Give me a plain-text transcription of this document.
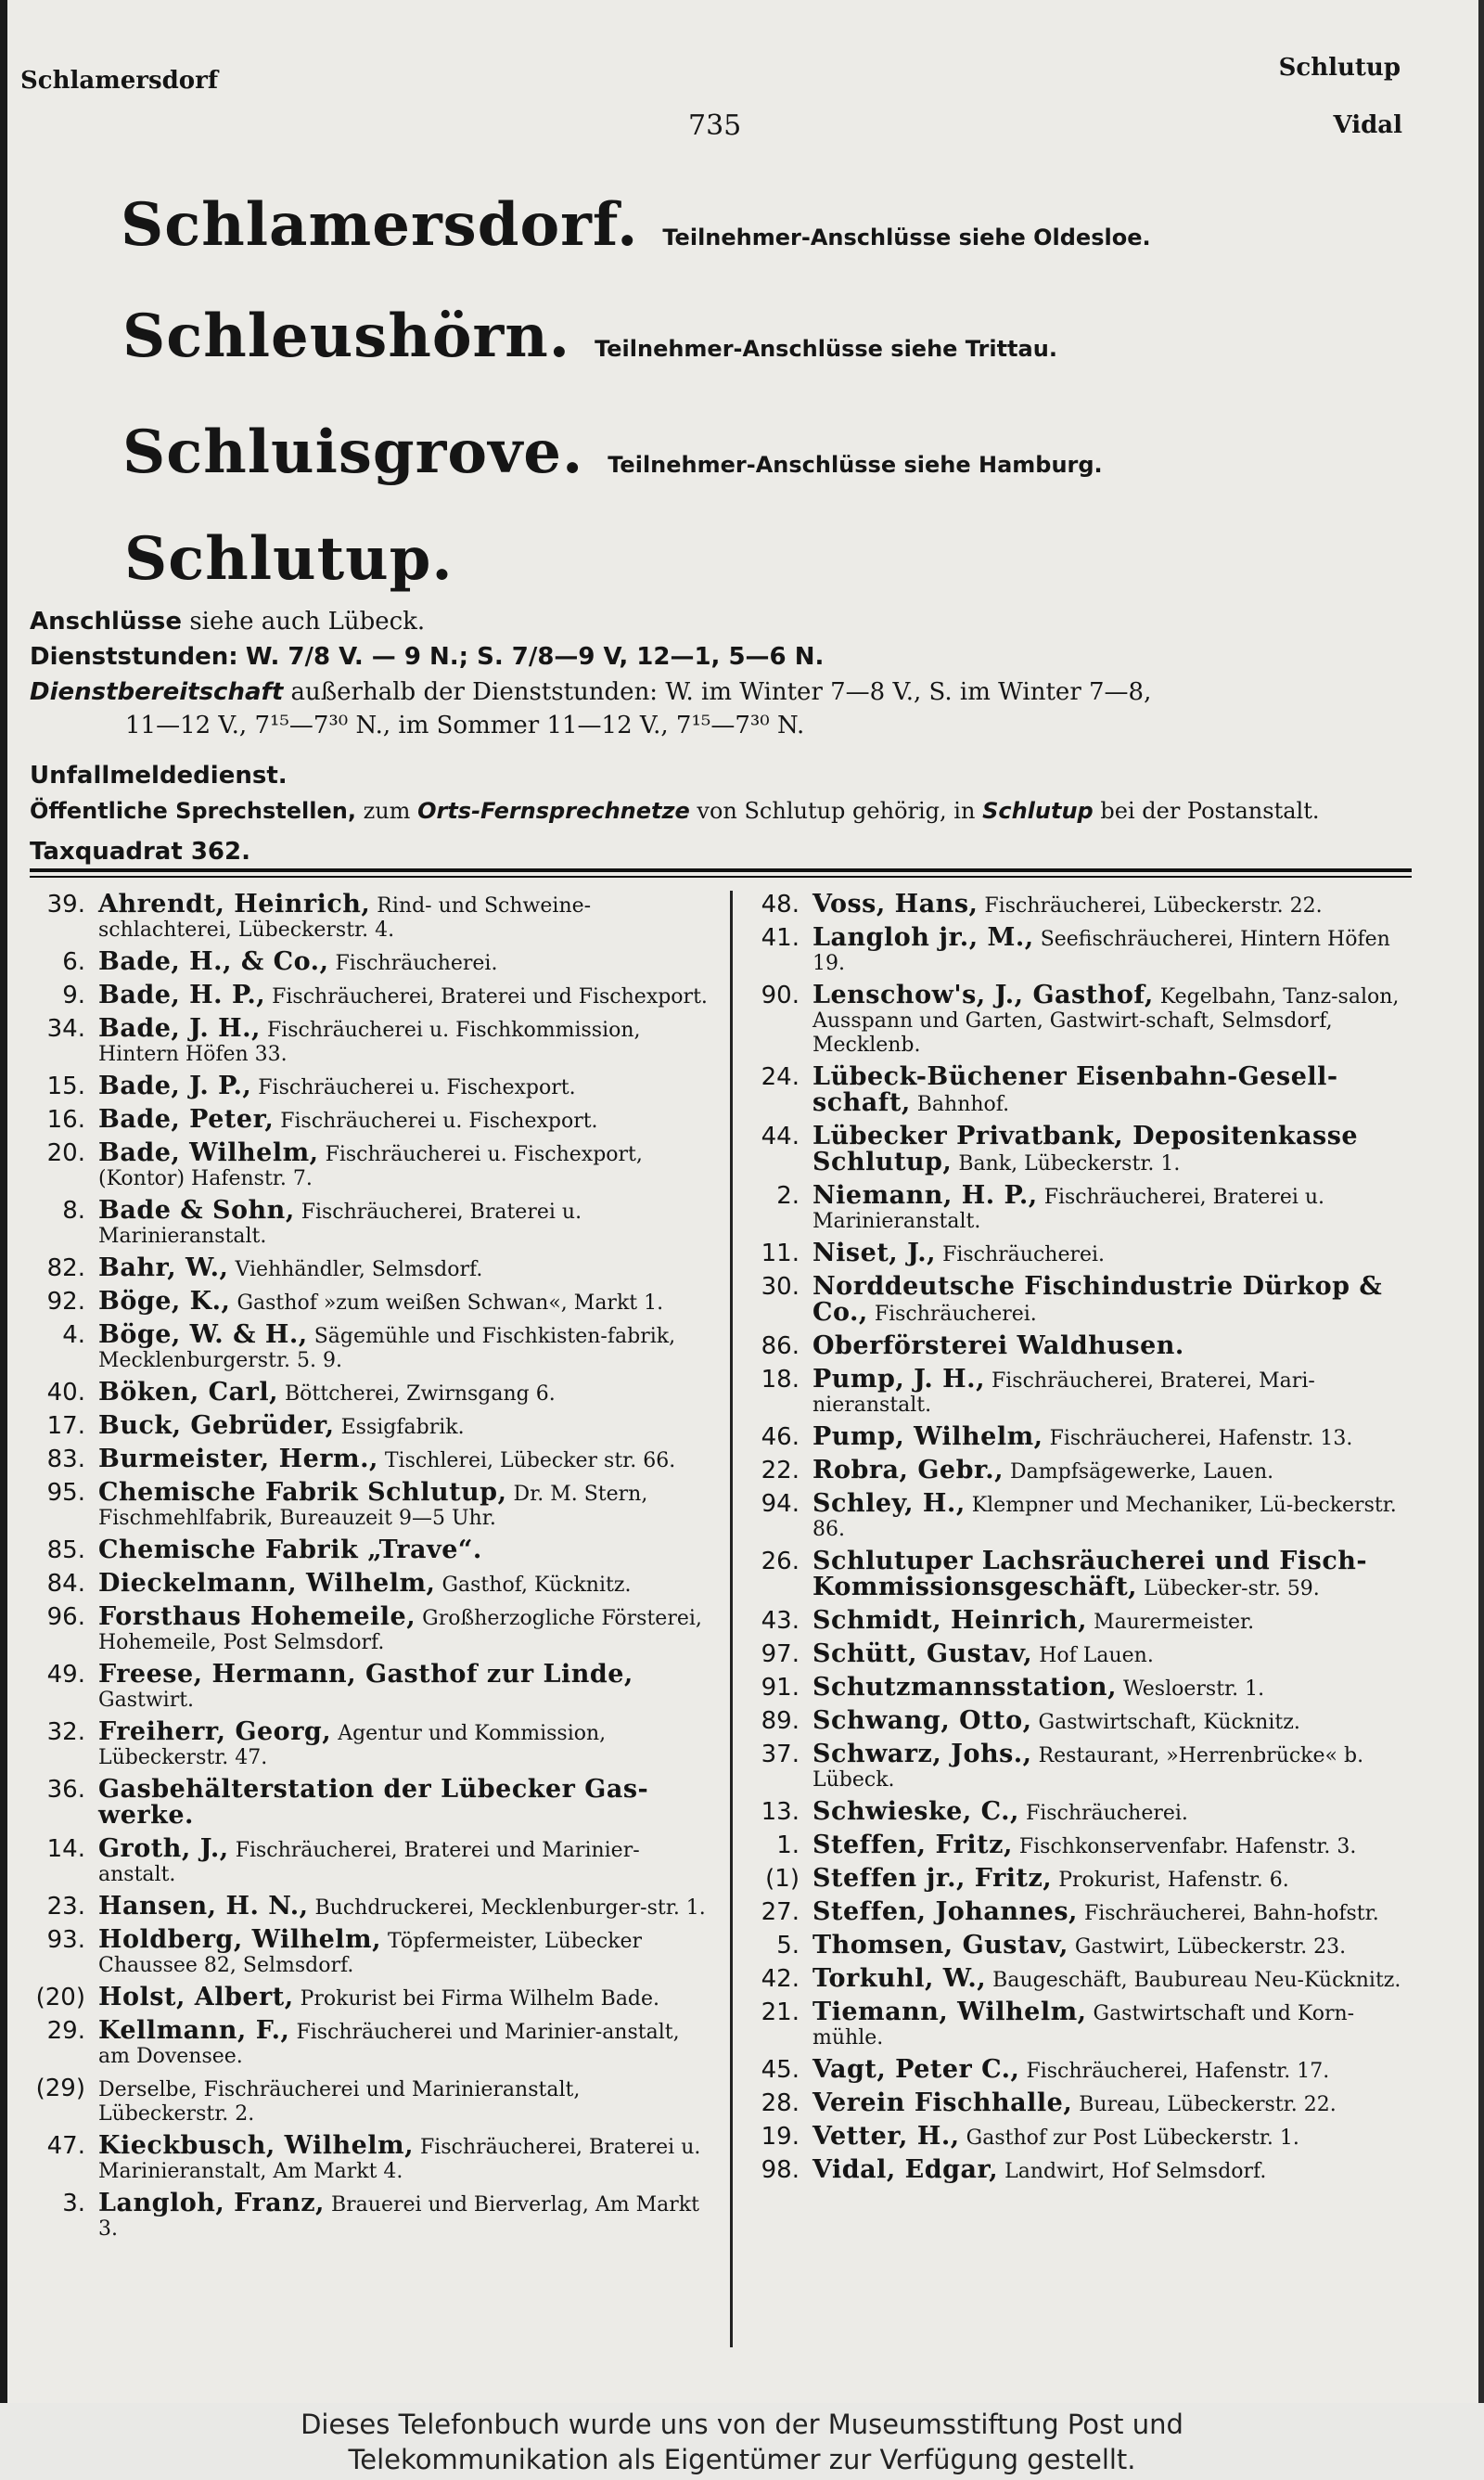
Schlamersdorf	Schlutup
Vidal
735
Schlamersdorf. Teilnehmer-Anschlüsse siehe Oldesloe.
Schleushörn. Teilnehmer-Anschlüsse siehe Trittau.
Schluisgrove. Teilnehmer-Anschlüsse siehe Hamburg.
Schlutup.
Anschlüsse siehe auch Lübeck.
Dienststunden: W. 7/8 V. — 9 N.; S. 7/8—9 V, 12—1, 5—6 N.
Dienstbereitschaft außerhalb der Dienststunden: W. im Winter 7—8 V., S. im Winter 7—8,
11—12 V., 7¹⁵—7³⁰ N., im Sommer 11—12 V., 7¹⁵—7³⁰ N.
Unfallmeldedienst.
Öffentliche Sprechstellen, zum Orts-Fernsprechnetze von Schlutup gehörig, in Schlutup bei der Postanstalt.
Taxquadrat 362.
39. Ahrendt, Heinrich, Rind- und Schweine-schlachterei, Lübeckerstr. 4.
6. Bade, H., & Co., Fischräucherei.
9. Bade, H. P., Fischräucherei, Braterei und Fischexport.
34. Bade, J. H., Fischräucherei u. Fischkommission, Hintern Höfen 33.
15. Bade, J. P., Fischräucherei u. Fischexport.
16. Bade, Peter, Fischräucherei u. Fischexport.
20. Bade, Wilhelm, Fischräucherei u. Fischexport, (Kontor) Hafenstr. 7.
8. Bade & Sohn, Fischräucherei, Braterei u. Marinieranstalt.
82. Bahr, W., Viehhändler, Selmsdorf.
92. Böge, K., Gasthof »zum weißen Schwan«, Markt 1.
4. Böge, W. & H., Sägemühle und Fischkisten-fabrik, Mecklenburgerstr. 5. 9.
40. Böken, Carl, Böttcherei, Zwirnsgang 6.
17. Buck, Gebrüder, Essigfabrik.
83. Burmeister, Herm., Tischlerei, Lübecker str. 66.
95. Chemische Fabrik Schlutup, Dr. M. Stern, Fischmehlfabrik, Bureauzeit 9—5 Uhr.
85. Chemische Fabrik „Trave“.
84. Dieckelmann, Wilhelm, Gasthof, Kücknitz.
96. Forsthaus Hohemeile, Großherzogliche Försterei, Hohemeile, Post Selmsdorf.
49. Freese, Hermann, Gasthof zur Linde, Gastwirt.
32. Freiherr, Georg, Agentur und Kommission, Lübeckerstr. 47.
36. Gasbehälterstation der Lübecker Gas-werke.
14. Groth, J., Fischräucherei, Braterei und Marinier-anstalt.
23. Hansen, H. N., Buchdruckerei, Mecklenburger-str. 1.
93. Holdberg, Wilhelm, Töpfermeister, Lübecker Chaussee 82, Selmsdorf.
(20) Holst, Albert, Prokurist bei Firma Wilhelm Bade.
29. Kellmann, F., Fischräucherei und Marinier-anstalt, am Dovensee.
(29) Derselbe, Fischräucherei und Marinieranstalt, Lübeckerstr. 2.
47. Kieckbusch, Wilhelm, Fischräucherei, Braterei u. Marinieranstalt, Am Markt 4.
3. Langloh, Franz, Brauerei und Bierverlag, Am Markt 3.
48. Voss, Hans, Fischräucherei, Lübeckerstr. 22.
41. Langloh jr., M., Seefischräucherei, Hintern Höfen 19.
90. Lenschow's, J., Gasthof, Kegelbahn, Tanz-salon, Ausspann und Garten, Gastwirt-schaft, Selmsdorf, Mecklenb.
24. Lübeck-Büchener Eisenbahn-Gesell-schaft, Bahnhof.
44. Lübecker Privatbank, Depositenkasse Schlutup, Bank, Lübeckerstr. 1.
2. Niemann, H. P., Fischräucherei, Braterei u. Marinieranstalt.
11. Niset, J., Fischräucherei.
30. Norddeutsche Fischindustrie Dürkop & Co., Fischräucherei.
86. Oberförsterei Waldhusen.
18. Pump, J. H., Fischräucherei, Braterei, Mari-nieranstalt.
46. Pump, Wilhelm, Fischräucherei, Hafenstr. 13.
22. Robra, Gebr., Dampfsägewerke, Lauen.
94. Schley, H., Klempner und Mechaniker, Lü-beckerstr. 86.
26. Schlutuper Lachsräucherei und Fisch-Kommissionsgeschäft, Lübecker-str. 59.
43. Schmidt, Heinrich, Maurermeister.
97. Schütt, Gustav, Hof Lauen.
91. Schutzmannsstation, Wesloerstr. 1.
89. Schwang, Otto, Gastwirtschaft, Kücknitz.
37. Schwarz, Johs., Restaurant, »Herrenbrücke« b. Lübeck.
13. Schwieske, C., Fischräucherei.
1. Steffen, Fritz, Fischkonservenfabr. Hafenstr. 3.
(1) Steffen jr., Fritz, Prokurist, Hafenstr. 6.
27. Steffen, Johannes, Fischräucherei, Bahn-hofstr.
5. Thomsen, Gustav, Gastwirt, Lübeckerstr. 23.
42. Torkuhl, W., Baugeschäft, Baubureau Neu-Kücknitz.
21. Tiemann, Wilhelm, Gastwirtschaft und Korn-mühle.
45. Vagt, Peter C., Fischräucherei, Hafenstr. 17.
28. Verein Fischhalle, Bureau, Lübeckerstr. 22.
19. Vetter, H., Gasthof zur Post Lübeckerstr. 1.
98. Vidal, Edgar, Landwirt, Hof Selmsdorf.
Dieses Telefonbuch wurde uns von der Museumsstiftung Post und
Telekommunikation als Eigentümer zur Verfügung gestellt.
